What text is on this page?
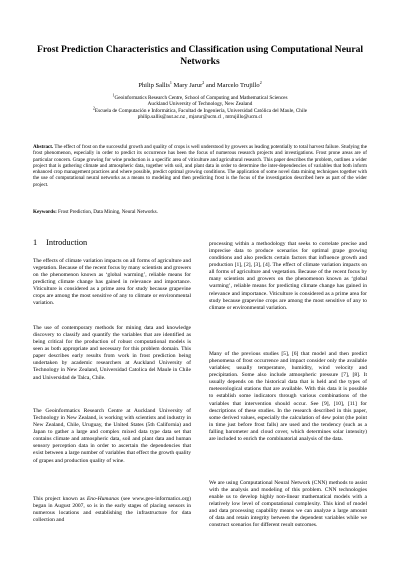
Frost Prediction Characteristics and Classification using Computational Neural Networks
Philip Sallis$^1$ Mary Jarur$^2$ and Marcelo Trujillo$^2$
$^1$Geoinformatics Research Centre, School of Computing and Mathematical Sciences
Auckland University of Technology, New Zealand
$^2$Escuela de Computación e Informática, Facultad de Ingeniería, Universidad Católica del Maule, Chile
philip.sallis@aut.ac.nz , mjarur@ucm.cl , mtrujillo@ucm.cl
Abstract. The effect of frost on the successful growth and quality of crops is well understood by growers as leading potentially to total harvest failure. Studying the frost phenomenon, especially in order to predict its occurrence has been the focus of numerous research projects and investigations. Frost prone areas are of particular concern. Grape growing for wine production is a specific area of viticulture and agricultural research. This paper describes the problem, outlines a wider project that is gathering climate and atmospheric data, together with soil, and plant data in order to determine the inter-dependencies of variables that both inform enhanced crop management practices and where possible, predict optimal growing conditions. The application of some novel data mining techniques together with the use of computational neural networks as a means to modeling and then predicting frost is the focus of the investigation described here as part of the wider project.
Keywords: Frost Prediction, Data Mining, Neural Networks.
1 Introduction

The effects of climate variation impacts on all forms of agriculture and vegetation. Because of the recent focus by many scientists and growers on the phenomenon known as ‘global warming’, reliable means for predicting climate change has gained in relevance and importance. Viticulture is considered as a prime area for study because grapevine crops are among the most sensitive of any to climate or environmental variation.

The use of contemporary methods for mining data and knowledge discovery to classify and quantify the variables that are identified as being critical for the production of robust computational models is seen as both appropriate and necessary for this problem domain. This paper describes early results from work in frost prediction being undertaken by academic researchers at Auckland University of Technology in New Zealand, Universidad Catolica del Maule in Chile and Universidad de Talca, Chile.

The Geoinformatics Research Centre at Auckland University of Technology in New Zealand, is working with scientists and industry in New Zealand, Chile, Uruguay, the United States (5th California) and Japan to gather a large and complex mixed data type data set that contains climate and atmospheric data, soil and plant data and human sensory perception data in order to ascertain the dependencies that exist between a large number of variables that effect the growth quality of grapes and production quality of wine.

This project known as Eno-Humanas (see www.geo-informatics.org) began in August 2007, so is in the early stages of placing sensors in numerous locations and establishing the infrastructure for data collection and

processing within a methodology that seeks to correlate precise and imprecise data to produce scenarios for optimal grape growing conditions and also predicts certain factors that influence growth and production [1], [2], [3], [4]. The effect of climate variation impacts on all forms of agriculture and vegetation. Because of the recent focus by many scientists and growers on the phenomenon known as ‘global warming’, reliable means for predicting climate change has gained in relevance and importance. Viticulture is considered as a prime area for study because grapevine crops are among the most sensitive of any to climate or environmental variation.

Many of the previous studies [5], [6] that model and then predict phenomena of frost occurrence and impact consider only the available variables; usually temperature, humidity, wind velocity and precipitation. Some also include atmospheric pressure [7], [8]. It usually depends on the historical data that is held and the types of meteorological stations that are available. With this data it is possible to establish some indicators through various combinations of the variables that intervention should occur. See [9], [10], [11] for descriptions of these studies. In the research described in this paper, some derived values, especially the calculation of dew point (the point in time just before frost falls) are used and the tendency (such as a falling barometer and cloud cover, which determines solar intensity) are included to enrich the combinatorial analysis of the data.

We are using Computational Neural Network (CNN) methods to assist with the analysis and modeling of this problem. CNN technologies enable us to develop highly non-linear mathematical models with a relatively low level of computational complexity. This kind of model and data processing capability means we can analyze a large amount of data and retain integrity between the dependent variables while we construct scenarios for different result outcomes.
